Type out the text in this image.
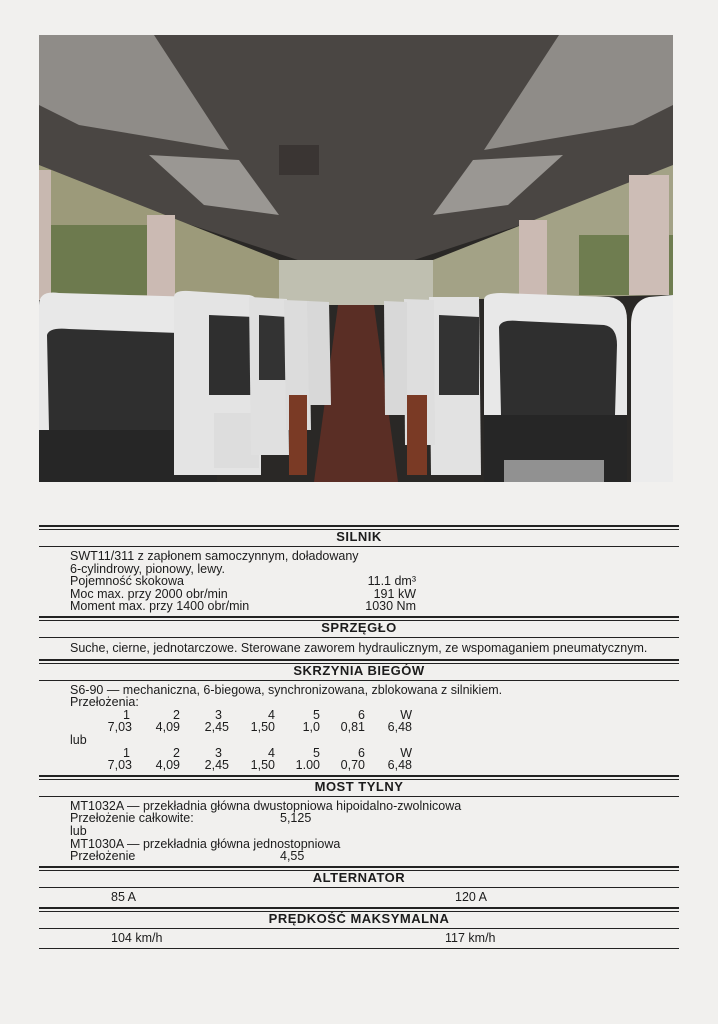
SILNIK
SWT11/311 z zapłonem samoczynnym, doładowany
6-cylindrowy, pionowy, lewy.
Pojemność skokowa	11.1 dm³
Moc max. przy 2000 obr/min	191 kW
Moment max. przy 1400 obr/min	1030 Nm
SPRZĘGŁO
Suche, cierne, jednotarczowe. Sterowane zaworem hydraulicznym, ze wspomaganiem pneumatycznym.
SKRZYNIA BIEGÓW
S6-90 — mechaniczna, 6-biegowa, synchronizowana, zblokowana z silnikiem.
Przełożenia:
1	2	3	4	5	6	W
7,03	4,09	2,45	1,50	1,0	0,81	6,48
lub
1	2	3	4	5	6	W
7,03	4,09	2,45	1,50	1.00	0,70	6,48
MOST TYLNY
MT1032A — przekładnia główna dwustopniowa hipoidalno-zwolnicowa
Przełożenie całkowite:	5,125
lub
MT1030A — przekładnia główna jednostopniowa
Przełożenie	4,55
ALTERNATOR
85 A	120 A
PRĘDKOŚĆ MAKSYMALNA
104 km/h	117 km/h
